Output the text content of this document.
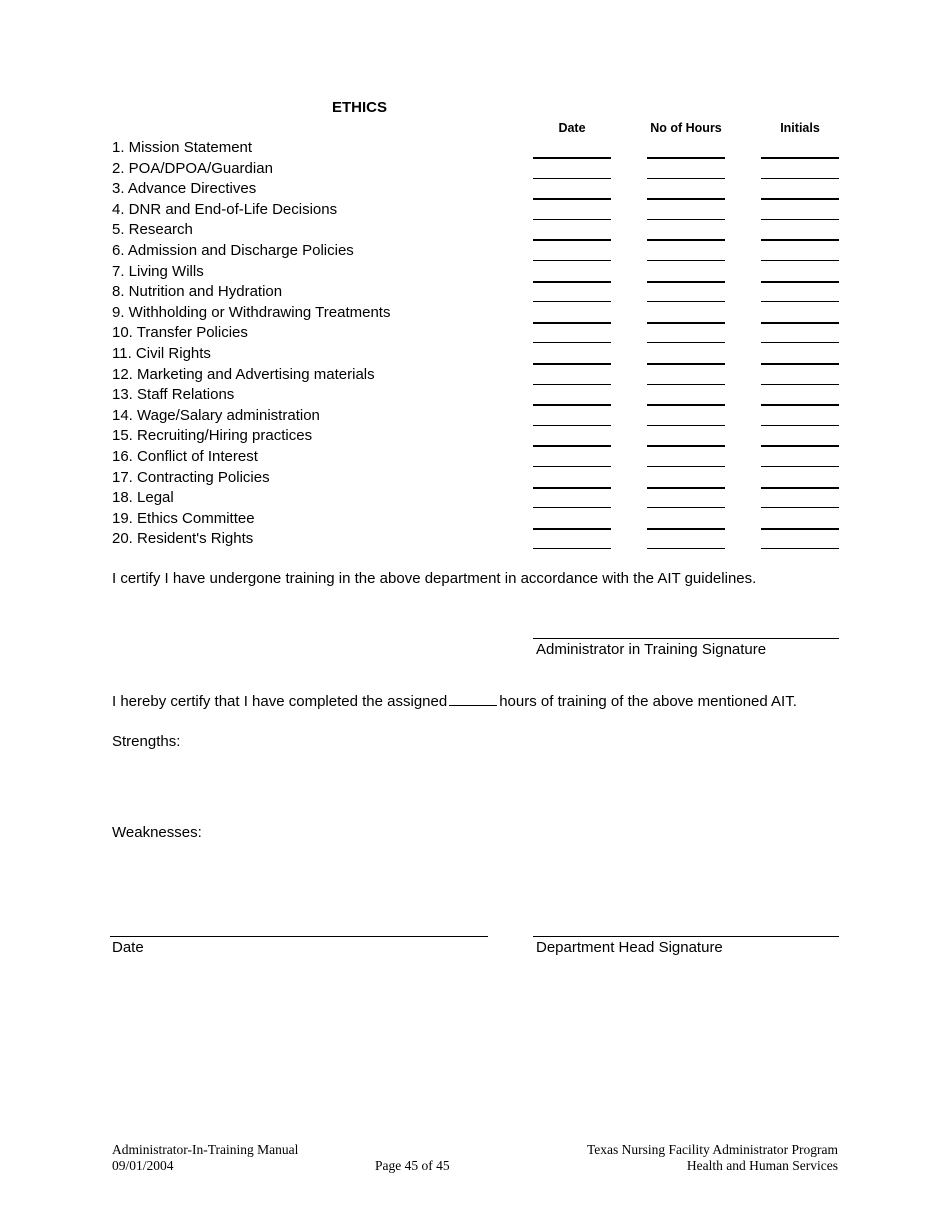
ETHICS
Date	No of Hours	Initials
1. Mission Statement
2. POA/DPOA/Guardian
3. Advance Directives
4. DNR and End-of-Life Decisions
5. Research
6. Admission and Discharge Policies
7. Living Wills
8. Nutrition and Hydration
9. Withholding or Withdrawing Treatments
10. Transfer Policies
11. Civil Rights
12. Marketing and Advertising materials
13. Staff Relations
14. Wage/Salary administration
15. Recruiting/Hiring practices
16. Conflict of Interest
17. Contracting Policies
18. Legal
19. Ethics Committee
20. Resident's Rights
I certify I have undergone training in the above department in accordance with the AIT guidelines.
Administrator in Training Signature
I hereby certify that I have completed the assigned	hours of training of the above mentioned AIT.
Strengths:
Weaknesses:
Date	Department Head Signature
Administrator-In-Training Manual
09/01/2004	Page 45 of 45
Texas Nursing Facility Administrator Program
Health and Human Services
